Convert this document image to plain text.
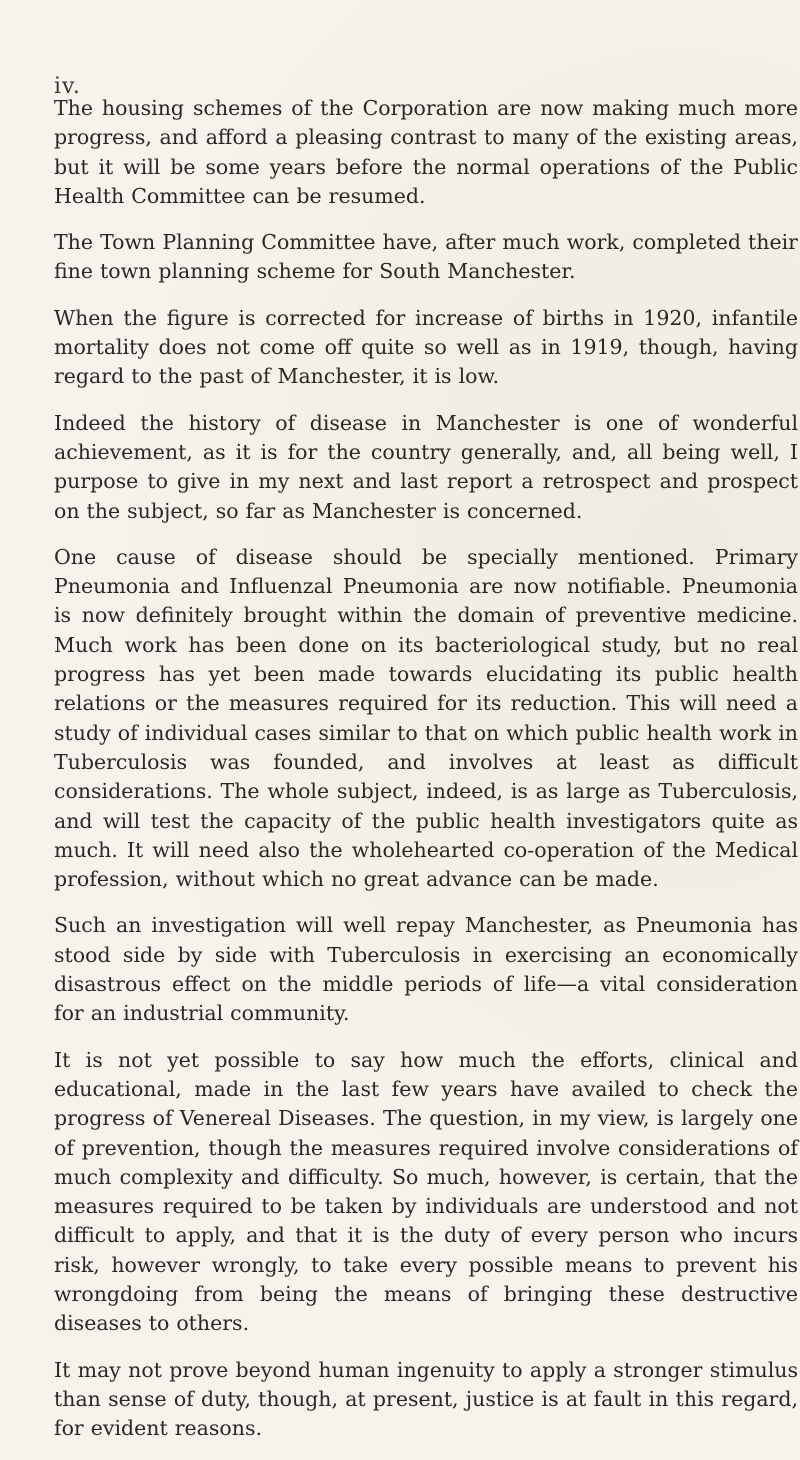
iv.

The housing schemes of the Corporation are now making much more progress, and afford a pleasing contrast to many of the existing areas, but it will be some years before the normal operations of the Public Health Committee can be resumed.

The Town Planning Committee have, after much work, completed their fine town planning scheme for South Manchester.

When the figure is corrected for increase of births in 1920, infantile mortality does not come off quite so well as in 1919, though, having regard to the past of Manchester, it is low.

Indeed the history of disease in Manchester is one of wonderful achievement, as it is for the country generally, and, all being well, I purpose to give in my next and last report a retrospect and prospect on the subject, so far as Manchester is concerned.

One cause of disease should be specially mentioned. Primary Pneumonia and Influenzal Pneumonia are now notifiable. Pneumonia is now definitely brought within the domain of preventive medicine. Much work has been done on its bacteriological study, but no real progress has yet been made towards elucidating its public health relations or the measures required for its reduction. This will need a study of individual cases similar to that on which public health work in Tuberculosis was founded, and involves at least as difficult considerations. The whole subject, indeed, is as large as Tuberculosis, and will test the capacity of the public health investigators quite as much. It will need also the wholehearted co-operation of the Medical profession, without which no great advance can be made.

Such an investigation will well repay Manchester, as Pneumonia has stood side by side with Tuberculosis in exercising an economically disastrous effect on the middle periods of life—a vital consideration for an industrial community.

It is not yet possible to say how much the efforts, clinical and educational, made in the last few years have availed to check the progress of Venereal Diseases. The question, in my view, is largely one of prevention, though the measures required involve considerations of much complexity and difficulty. So much, however, is certain, that the measures required to be taken by individuals are understood and not difficult to apply, and that it is the duty of every person who incurs risk, however wrongly, to take every possible means to prevent his wrongdoing from being the means of bringing these destructive diseases to others.

It may not prove beyond human ingenuity to apply a stronger stimulus than sense of duty, though, at present, justice is at fault in this regard, for evident reasons.
